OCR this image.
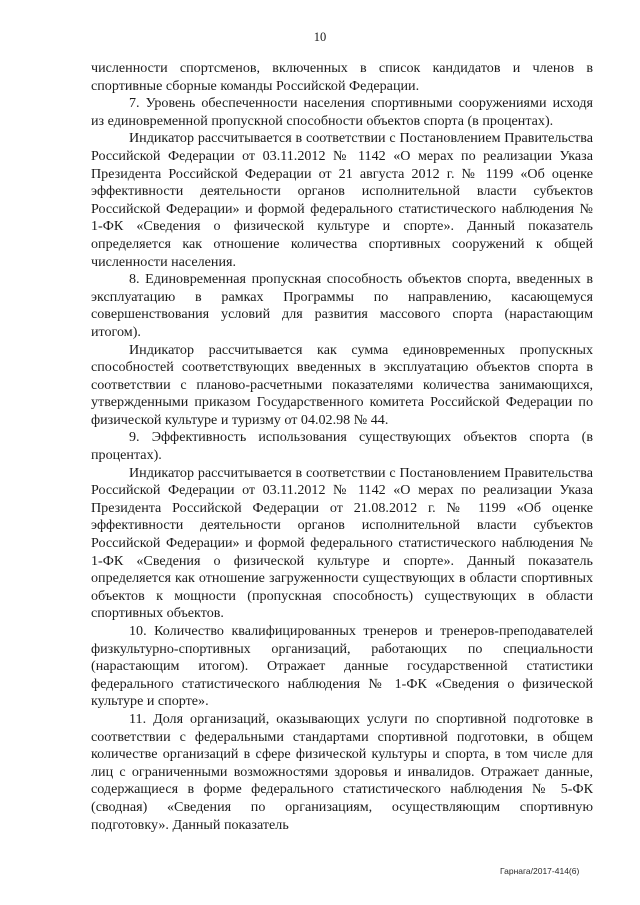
10

численности спортсменов, включенных в список кандидатов и членов в спортивные сборные команды Российской Федерации.

7. Уровень обеспеченности населения спортивными сооружениями исходя из единовременной пропускной способности объектов спорта (в процентах).

Индикатор рассчитывается в соответствии с Постановлением Правительства Российской Федерации от 03.11.2012 № 1142 «О мерах по реализации Указа Президента Российской Федерации от 21 августа 2012 г. № 1199 «Об оценке эффективности деятельности органов исполнительной власти субъектов Российской Федерации» и формой федерального статистического наблюдения № 1-ФК «Сведения о физической культуре и спорте». Данный показатель определяется как отношение количества спортивных сооружений к общей численности населения.

8. Единовременная пропускная способность объектов спорта, введенных в эксплуатацию в рамках Программы по направлению, касающемуся совершенствования условий для развития массового спорта (нарастающим итогом).

Индикатор рассчитывается как сумма единовременных пропускных способностей соответствующих введенных в эксплуатацию объектов спорта в соответствии с планово-расчетными показателями количества занимающихся, утвержденными приказом Государственного комитета Российской Федерации по физической культуре и туризму от 04.02.98 № 44.

9. Эффективность использования существующих объектов спорта (в процентах).

Индикатор рассчитывается в соответствии с Постановлением Правительства Российской Федерации от 03.11.2012 № 1142 «О мерах по реализации Указа Президента Российской Федерации от 21.08.2012 г. № 1199 «Об оценке эффективности деятельности органов исполнительной власти субъектов Российской Федерации» и формой федерального статистического наблюдения № 1-ФК «Сведения о физической культуре и спорте». Данный показатель определяется как отношение загруженности существующих в области спортивных объектов к мощности (пропускная способность) существующих в области спортивных объектов.

10. Количество квалифицированных тренеров и тренеров-преподавателей физкультурно-спортивных организаций, работающих по специальности (нарастающим итогом). Отражает данные государственной статистики федерального статистического наблюдения № 1-ФК «Сведения о физической культуре и спорте».

11. Доля организаций, оказывающих услуги по спортивной подготовке в соответствии с федеральными стандартами спортивной подготовки, в общем количестве организаций в сфере физической культуры и спорта, в том числе для лиц с ограниченными возможностями здоровья и инвалидов. Отражает данные, содержащиеся в форме федерального статистического наблюдения № 5-ФК (сводная) «Сведения по организациям, осуществляющим спортивную подготовку». Данный показатель

Гарнага/2017-414(6)
